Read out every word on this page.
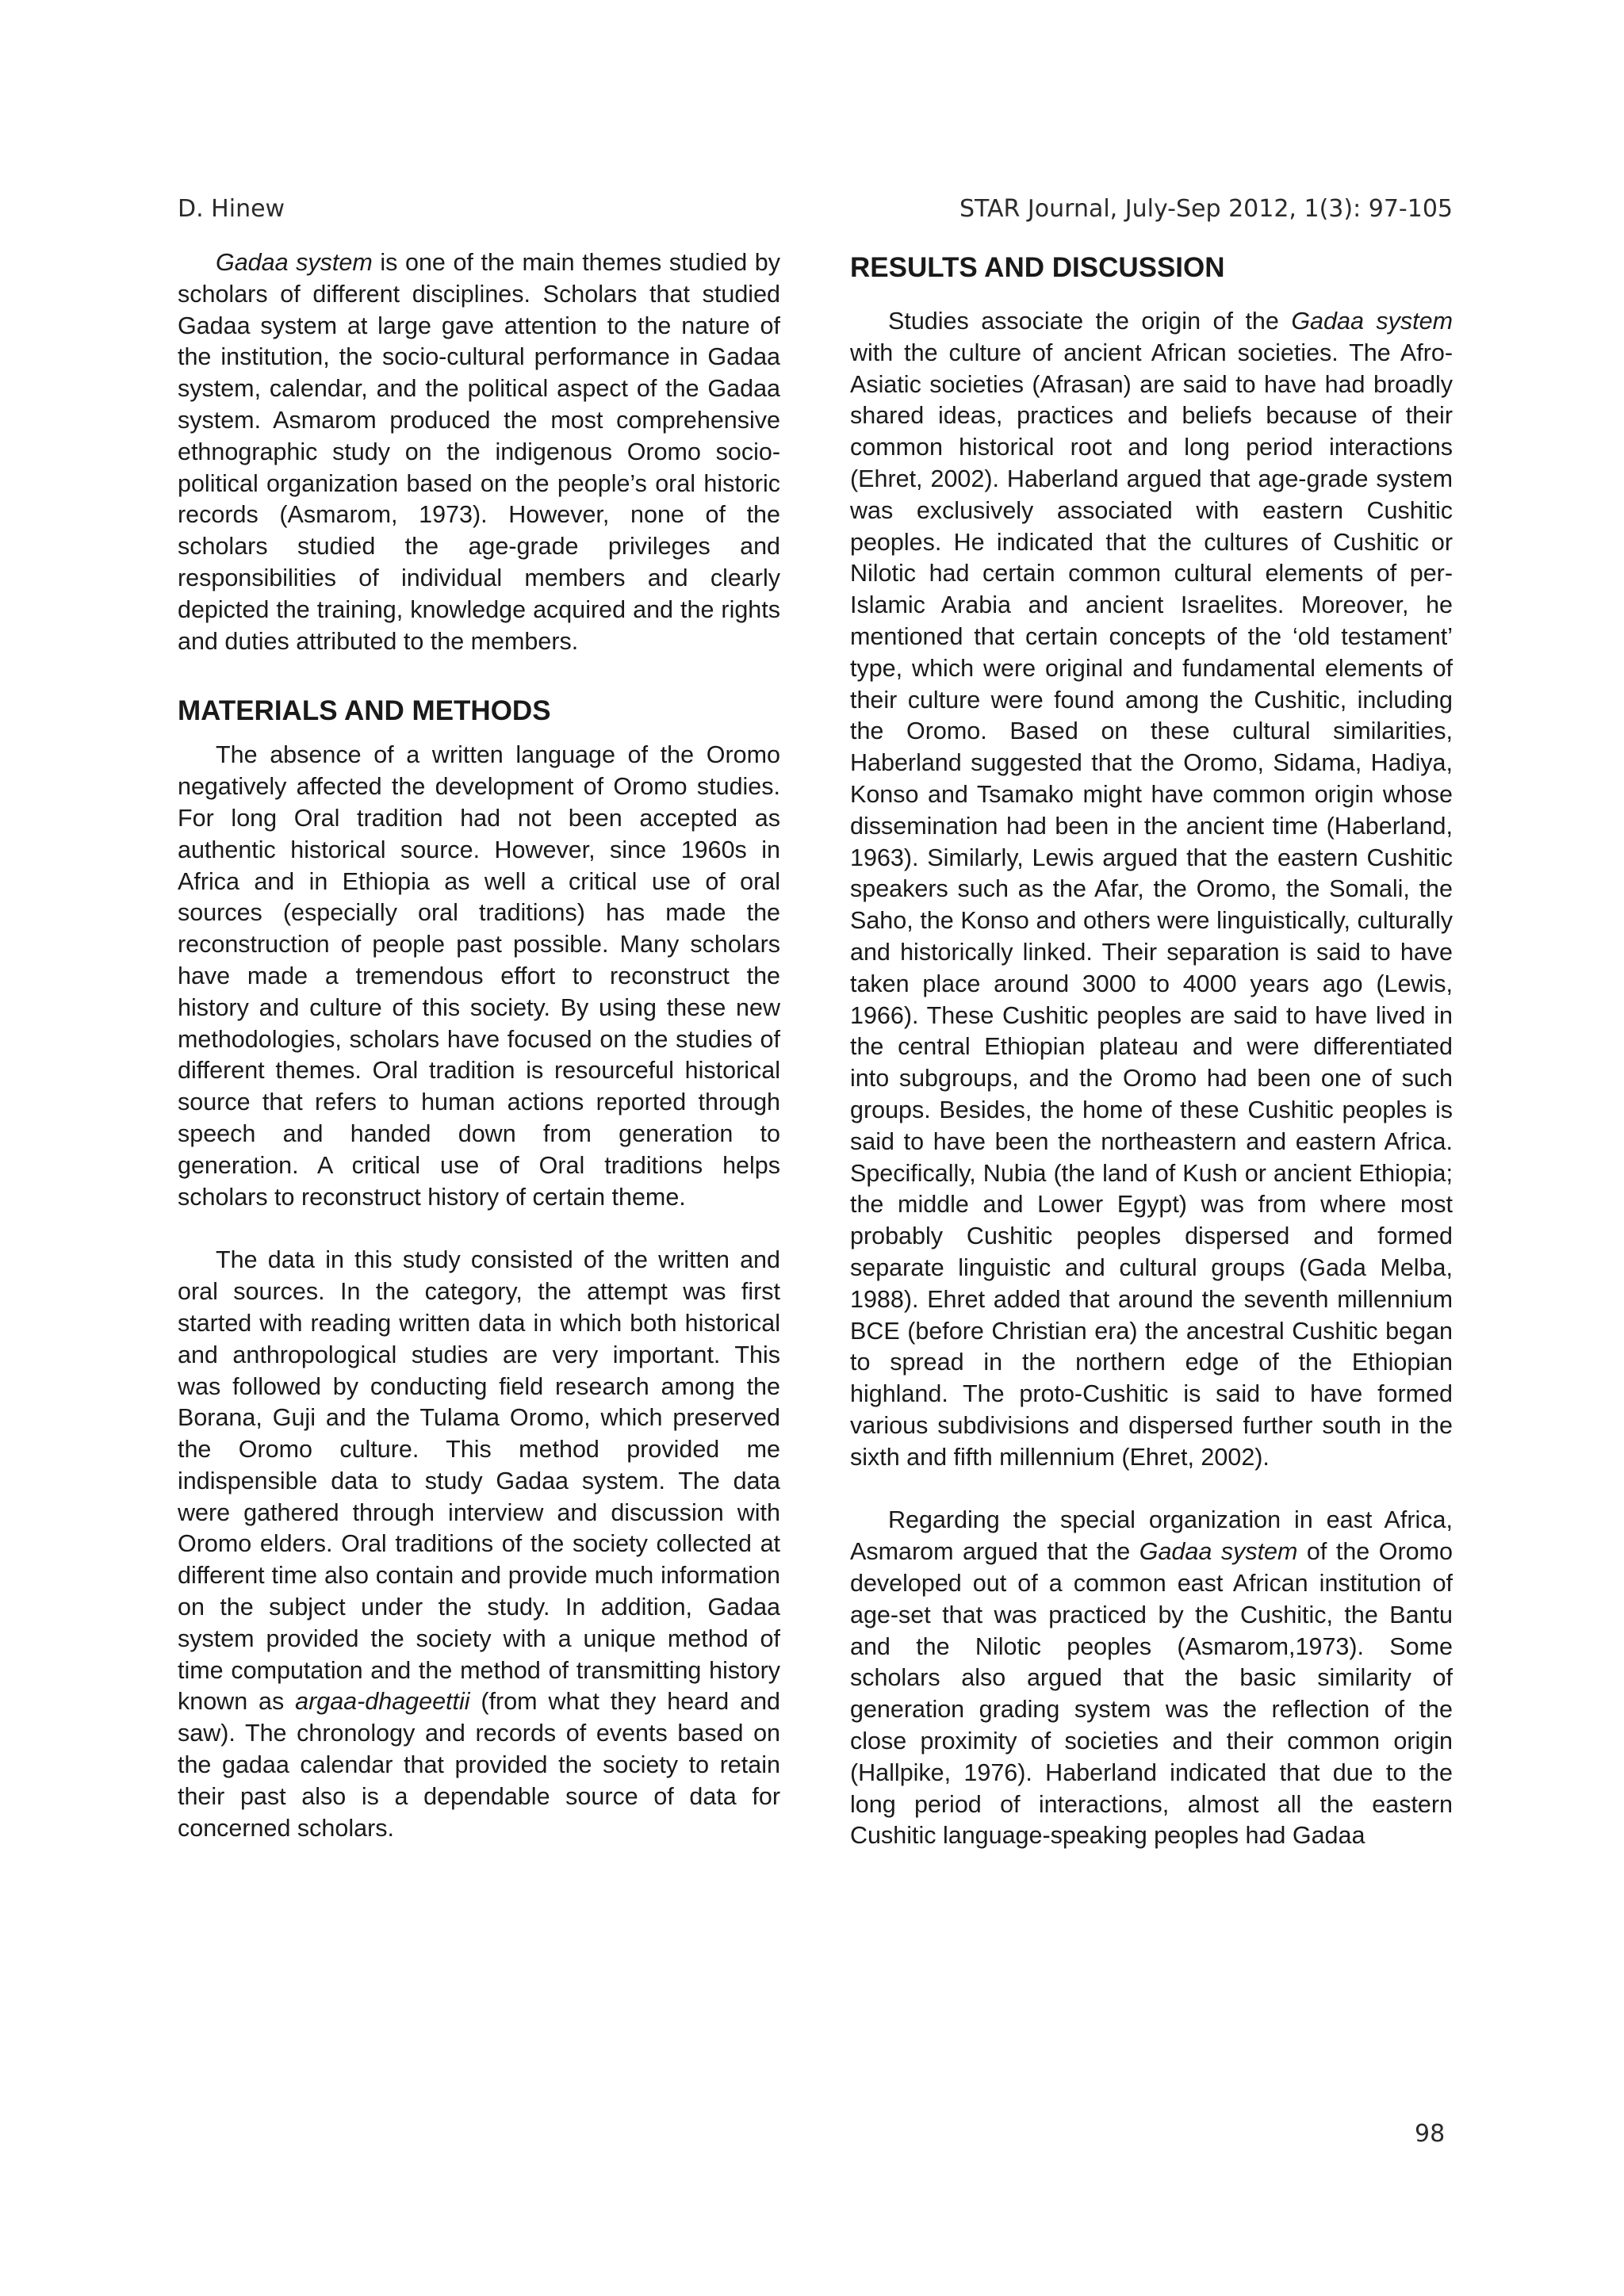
D. Hinew	STAR Journal, July-Sep 2012, 1(3): 97-105

Gadaa system is one of the main themes studied by scholars of different disciplines. Scholars that studied Gadaa system at large gave attention to the nature of the institution, the socio-cultural performance in Gadaa system, calendar, and the political aspect of the Gadaa system. Asmarom produced the most comprehensive ethnographic study on the indigenous Oromo socio-political organization based on the people’s oral historic records (Asmarom, 1973). However, none of the scholars studied the age-grade privileges and responsibilities of individual members and clearly depicted the training, knowledge acquired and the rights and duties attributed to the members.

MATERIALS AND METHODS

The absence of a written language of the Oromo negatively affected the development of Oromo studies. For long Oral tradition had not been accepted as authentic historical source. However, since 1960s in Africa and in Ethiopia as well a critical use of oral sources (especially oral traditions) has made the reconstruction of people past possible. Many scholars have made a tremendous effort to reconstruct the history and culture of this society. By using these new methodologies, scholars have focused on the studies of different themes. Oral tradition is resourceful historical source that refers to human actions reported through speech and handed down from generation to generation. A critical use of Oral traditions helps scholars to reconstruct history of certain theme.

The data in this study consisted of the written and oral sources. In the category, the attempt was first started with reading written data in which both historical and anthropological studies are very important. This was followed by conducting field research among the Borana, Guji and the Tulama Oromo, which preserved the Oromo culture. This method provided me indispensible data to study Gadaa system. The data were gathered through interview and discussion with Oromo elders. Oral traditions of the society collected at different time also contain and provide much information on the subject under the study. In addition, Gadaa system provided the society with a unique method of time computation and the method of transmitting history known as argaa-dhageettii (from what they heard and saw). The chronology and records of events based on the gadaa calendar that provided the society to retain their past also is a dependable source of data for concerned scholars.

RESULTS AND DISCUSSION

Studies associate the origin of the Gadaa system with the culture of ancient African societies. The Afro-Asiatic societies (Afrasan) are said to have had broadly shared ideas, practices and beliefs because of their common historical root and long period interactions (Ehret, 2002). Haberland argued that age-grade system was exclusively associated with eastern Cushitic peoples. He indicated that the cultures of Cushitic or Nilotic had certain common cultural elements of per-Islamic Arabia and ancient Israelites. Moreover, he mentioned that certain concepts of the ‘old testament’ type, which were original and fundamental elements of their culture were found among the Cushitic, including the Oromo. Based on these cultural similarities, Haberland suggested that the Oromo, Sidama, Hadiya, Konso and Tsamako might have common origin whose dissemination had been in the ancient time (Haberland, 1963). Similarly, Lewis argued that the eastern Cushitic speakers such as the Afar, the Oromo, the Somali, the Saho, the Konso and others were linguistically, culturally and historically linked. Their separation is said to have taken place around 3000 to 4000 years ago (Lewis, 1966). These Cushitic peoples are said to have lived in the central Ethiopian plateau and were differentiated into subgroups, and the Oromo had been one of such groups. Besides, the home of these Cushitic peoples is said to have been the northeastern and eastern Africa. Specifically, Nubia (the land of Kush or ancient Ethiopia; the middle and Lower Egypt) was from where most probably Cushitic peoples dispersed and formed separate linguistic and cultural groups (Gada Melba, 1988). Ehret added that around the seventh millennium BCE (before Christian era) the ancestral Cushitic began to spread in the northern edge of the Ethiopian highland. The proto-Cushitic is said to have formed various subdivisions and dispersed further south in the sixth and fifth millennium (Ehret, 2002).

Regarding the special organization in east Africa, Asmarom argued that the Gadaa system of the Oromo developed out of a common east African institution of age-set that was practiced by the Cushitic, the Bantu and the Nilotic peoples (Asmarom,1973). Some scholars also argued that the basic similarity of generation grading system was the reflection of the close proximity of societies and their common origin (Hallpike, 1976). Haberland indicated that due to the long period of interactions, almost all the eastern Cushitic language-speaking peoples had Gadaa

98
